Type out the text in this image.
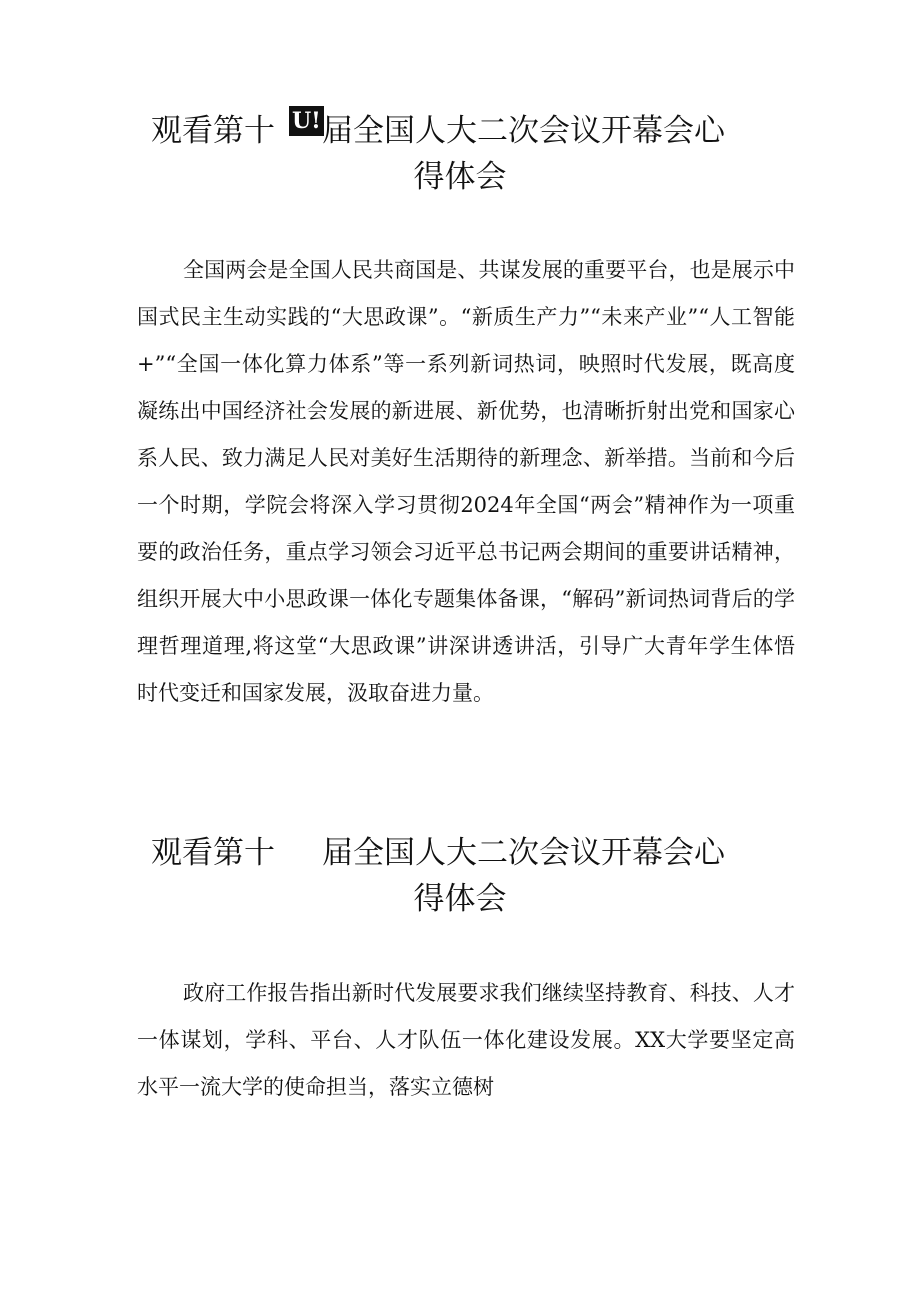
观看第十 U! 届全国人大二次会议开幕会心
得体会

全国两会是全国人民共商国是、共谋发展的重要平台，也是展示中国式民主生动实践的“大思政课”。“新质生产力”“未来产业”“人工智能+”“全国一体化算力体系”等一系列新词热词，映照时代发展，既高度凝练出中国经济社会发展的新进展、新优势，也清晰折射出党和国家心系人民、致力满足人民对美好生活期待的新理念、新举措。当前和今后一个时期，学院会将深入学习贯彻2024年全国“两会”精神作为一项重要的政治任务，重点学习领会习近平总书记两会期间的重要讲话精神，组织开展大中小思政课一体化专题集体备课，“解码”新词热词背后的学理哲理道理,将这堂“大思政课”讲深讲透讲活，引导广大青年学生体悟时代变迁和国家发展，汲取奋进力量。

观看第十 届全国人大二次会议开幕会心
得体会

政府工作报告指出新时代发展要求我们继续坚持教育、科技、人才一体谋划，学科、平台、人才队伍一体化建设发展。XX大学要坚定高水平一流大学的使命担当，落实立德树
